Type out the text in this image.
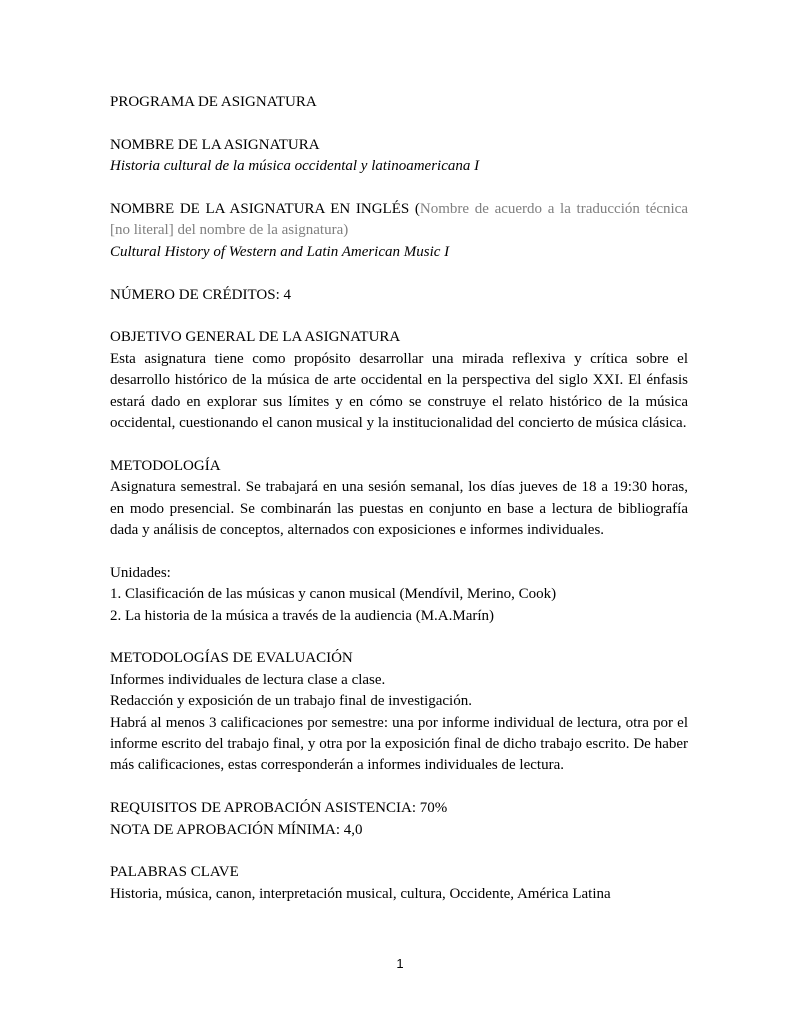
PROGRAMA DE ASIGNATURA

NOMBRE DE LA ASIGNATURA

Historia cultural de la música occidental y latinoamericana I

NOMBRE DE LA ASIGNATURA EN INGLÉS (Nombre de acuerdo a la traducción técnica [no literal] del nombre de la asignatura)

Cultural History of Western and Latin American Music I

NÚMERO DE CRÉDITOS: 4

OBJETIVO GENERAL DE LA ASIGNATURA

Esta asignatura tiene como propósito desarrollar una mirada reflexiva y crítica sobre el desarrollo histórico de la música de arte occidental en la perspectiva del siglo XXI. El énfasis estará dado en explorar sus límites y en cómo se construye el relato histórico de la música occidental, cuestionando el canon musical y la institucionalidad del concierto de música clásica.

METODOLOGÍA

Asignatura semestral. Se trabajará en una sesión semanal, los días jueves de 18 a 19:30 horas, en modo presencial. Se combinarán las puestas en conjunto en base a lectura de bibliografía dada y análisis de conceptos, alternados con exposiciones e informes individuales.

Unidades:

1. Clasificación de las músicas y canon musical (Mendívil, Merino, Cook)

2. La historia de la música a través de la audiencia (M.A.Marín)

METODOLOGÍAS DE EVALUACIÓN

Informes individuales de lectura clase a clase.

Redacción y exposición de un trabajo final de investigación.

Habrá al menos 3 calificaciones por semestre: una por informe individual de lectura, otra por el informe escrito del trabajo final, y otra por la exposición final de dicho trabajo escrito. De haber más calificaciones, estas corresponderán a informes individuales de lectura.

REQUISITOS DE APROBACIÓN ASISTENCIA: 70%

NOTA DE APROBACIÓN MÍNIMA: 4,0

PALABRAS CLAVE

Historia, música, canon, interpretación musical, cultura, Occidente, América Latina

1
